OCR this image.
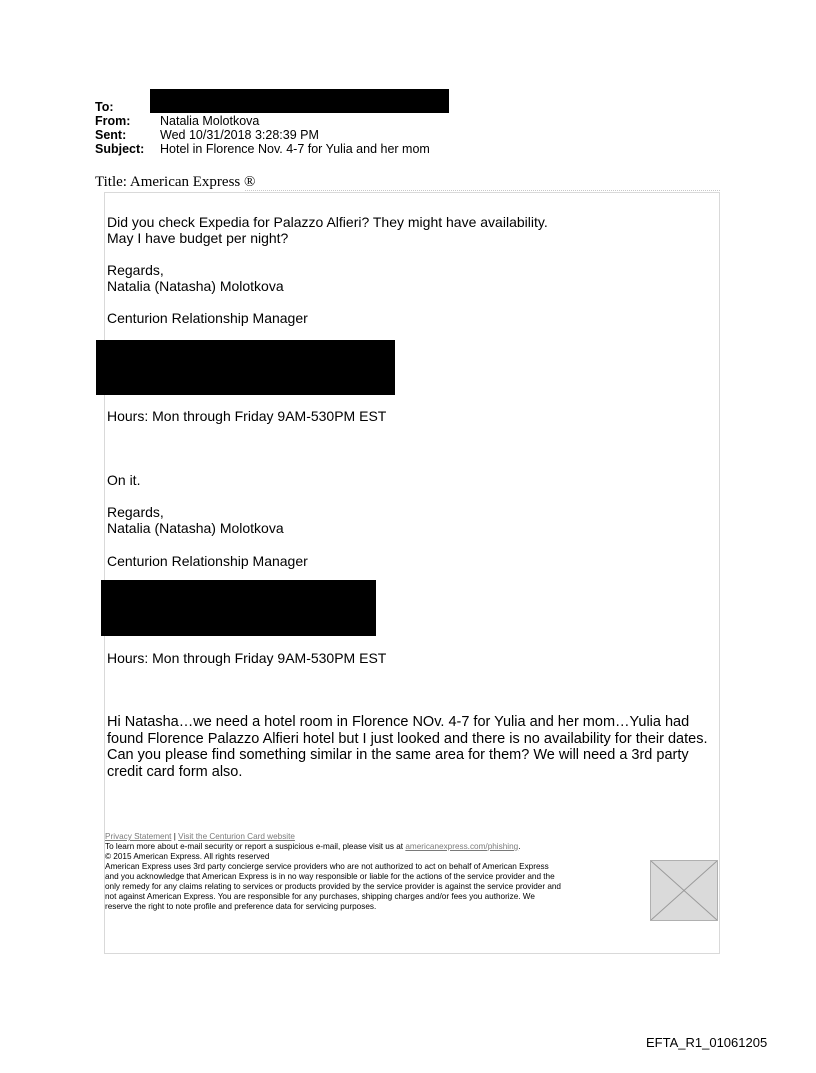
To:
From: Natalia Molotkova
Sent:	Wed 10/31/2018 3:28:39 PM
Subject: Hotel in Florence Nov. 4-7 for Yulia and her mom
Title: American Express ®
Did you check Expedia for Palazzo Alfieri? They might have availability.
May I have budget per night?
Regards,
Natalia (Natasha) Molotkova
Centurion Relationship Manager
Hours: Mon through Friday 9AM-530PM EST
On it.
Regards,
Natalia (Natasha) Molotkova
Centurion Relationship Manager
Hours: Mon through Friday 9AM-530PM EST
Hi Natasha…we need a hotel room in Florence NOv. 4-7 for Yulia and her mom…Yulia had found Florence Palazzo Alfieri hotel but I just looked and there is no availability for their dates. Can you please find something similar in the same area for them? We will need a 3rd party credit card form also.
Privacy Statement | Visit the Centurion Card website
To learn more about e-mail security or report a suspicious e-mail, please visit us at americanexpress.com/phishing.
© 2015 American Express. All rights reserved
American Express uses 3rd party concierge service providers who are not authorized to act on behalf of American Express
and you acknowledge that American Express is in no way responsible or liable for the actions of the service provider and the
only remedy for any claims relating to services or products provided by the service provider is against the service provider and
not against American Express. You are responsible for any purchases, shipping charges and/or fees you authorize. We
reserve the right to note profile and preference data for servicing purposes.
EFTA_R1_01061205
